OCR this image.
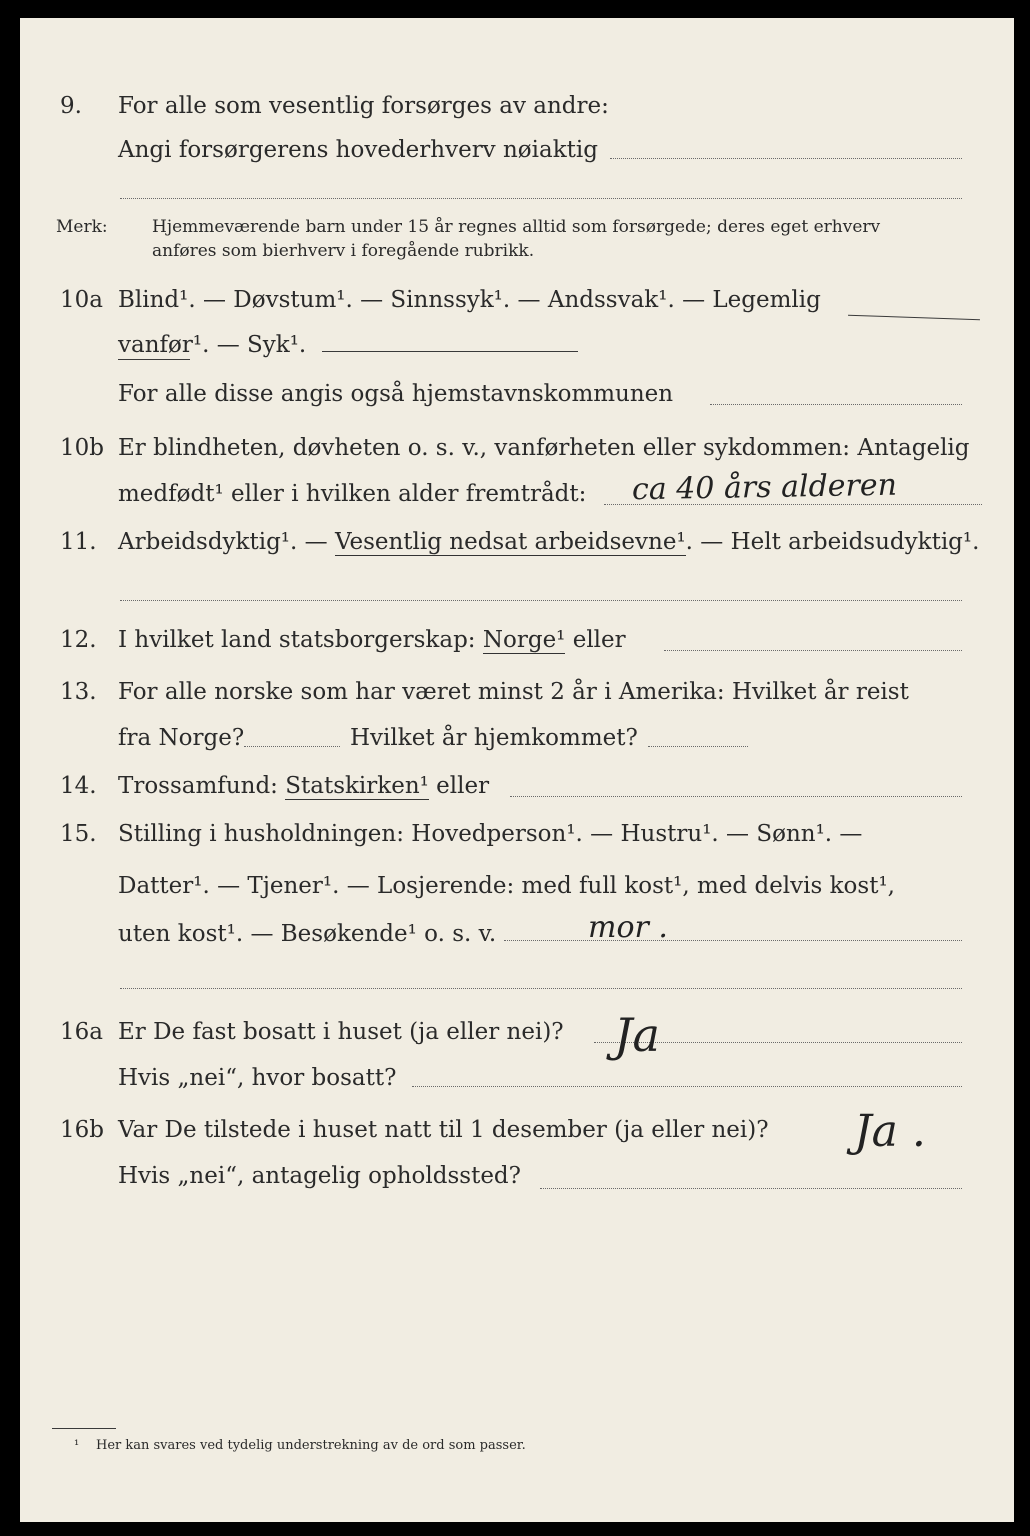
9. For alle som vesentlig forsørges av andre:
Angi forsørgerens hovederhverv nøiaktig
Merk:	Hjemmeværende barn under 15 år regnes alltid som forsørgede; deres eget erhverv
anføres som bierhverv i foregående rubrikk.
10a Blind¹. — Døvstum¹. — Sinnssyk¹. — Andssvak¹. — Legemlig
vanfør¹. — Syk¹.
For alle disse angis også hjemstavnskommunen
10b Er blindheten, døvheten o. s. v., vanførheten eller sykdommen: Antagelig
medfødt¹ eller i hvilken alder fremtrådt: ca 40 års alderen
11. Arbeidsdyktig¹. — Vesentlig nedsat arbeidsevne¹. — Helt arbeidsudyktig¹.
12. I hvilket land statsborgerskap: Norge¹ eller
13. For alle norske som har været minst 2 år i Amerika: Hvilket år reist
fra Norge?	Hvilket år hjemkommet?
14. Trossamfund: Statskirken¹ eller
15. Stilling i husholdningen: Hovedperson¹. — Hustru¹. — Sønn¹. —
Datter¹. — Tjener¹. — Losjerende: med full kost¹, med delvis kost¹,
uten kost¹. — Besøkende¹ o. s. v.	mor .
16a Er De fast bosatt i huset (ja eller nei)? Ja
Hvis „nei“, hvor bosatt?
16b Var De tilstede i huset natt til 1 desember (ja eller nei)? Ja .
Hvis „nei“, antagelig opholdssted?
¹ Her kan svares ved tydelig understrekning av de ord som passer.
